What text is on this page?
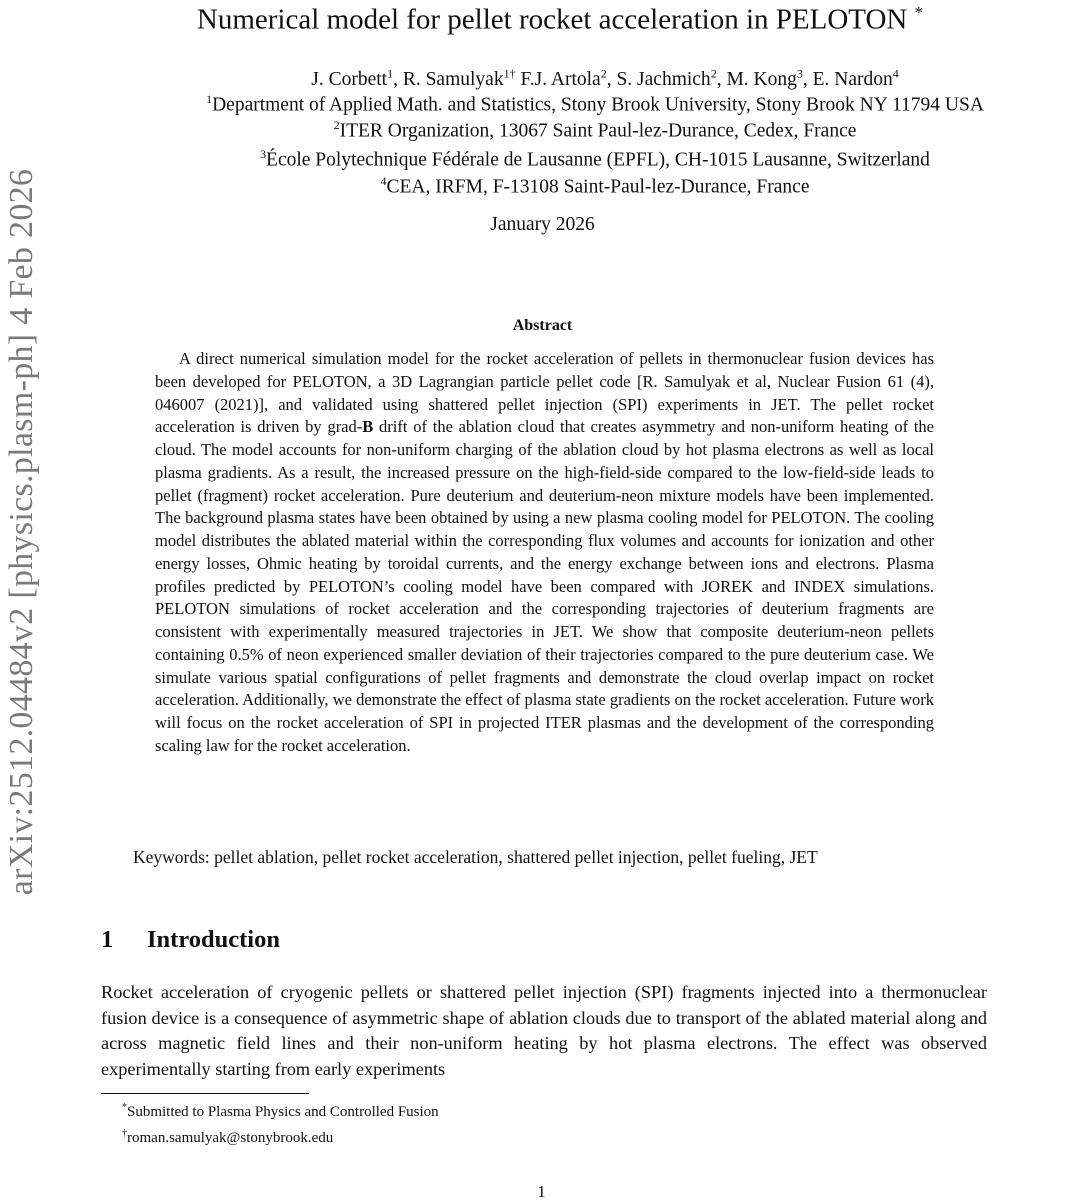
arXiv:2512.04484v2 [physics.plasm-ph] 4 Feb 2026
Numerical model for pellet rocket acceleration in PELOTON *
J. Corbett$^1$, R. Samulyak$^{1\dagger}$ F.J. Artola$^2$, S. Jachmich$^2$, M. Kong$^3$, E. Nardon$^4$
$^1$Department of Applied Math. and Statistics, Stony Brook University, Stony Brook NY 11794 USA
$^2$ITER Organization, 13067 Saint Paul-lez-Durance, Cedex, France
$^3$École Polytechnique Fédérale de Lausanne (EPFL), CH-1015 Lausanne, Switzerland
$^4$CEA, IRFM, F-13108 Saint-Paul-lez-Durance, France
January 2026
Abstract

A direct numerical simulation model for the rocket acceleration of pellets in thermonuclear fusion devices has been developed for PELOTON, a 3D Lagrangian particle pellet code [R. Samulyak et al, Nuclear Fusion 61 (4), 046007 (2021)], and validated using shattered pellet injection (SPI) experiments in JET. The pellet rocket acceleration is driven by grad-B drift of the ablation cloud that creates asymmetry and non-uniform heating of the cloud. The model accounts for non-uniform charging of the ablation cloud by hot plasma electrons as well as local plasma gradients. As a result, the increased pressure on the high-field-side compared to the low-field-side leads to pellet (fragment) rocket acceleration. Pure deuterium and deuterium-neon mixture models have been implemented. The background plasma states have been obtained by using a new plasma cooling model for PELOTON. The cooling model distributes the ablated material within the corresponding flux volumes and accounts for ionization and other energy losses, Ohmic heating by toroidal currents, and the energy exchange between ions and electrons. Plasma profiles predicted by PELOTON’s cooling model have been compared with JOREK and INDEX simulations. PELOTON simulations of rocket acceleration and the corresponding trajectories of deuterium fragments are consistent with experimentally measured trajectories in JET. We show that composite deuterium-neon pellets containing 0.5% of neon experienced smaller deviation of their trajectories compared to the pure deuterium case. We simulate various spatial configurations of pellet fragments and demonstrate the cloud overlap impact on rocket acceleration. Additionally, we demonstrate the effect of plasma state gradients on the rocket acceleration. Future work will focus on the rocket acceleration of SPI in projected ITER plasmas and the development of the corresponding scaling law for the rocket acceleration.

Keywords: pellet ablation, pellet rocket acceleration, shattered pellet injection, pellet fueling, JET

1 Introduction

Rocket acceleration of cryogenic pellets or shattered pellet injection (SPI) fragments injected into a thermonuclear fusion device is a consequence of asymmetric shape of ablation clouds due to transport of the ablated material along and across magnetic field lines and their non-uniform heating by hot plasma electrons. The effect was observed experimentally starting from early experiments

*Submitted to Plasma Physics and Controlled Fusion
†roman.samulyak@stonybrook.edu
1
